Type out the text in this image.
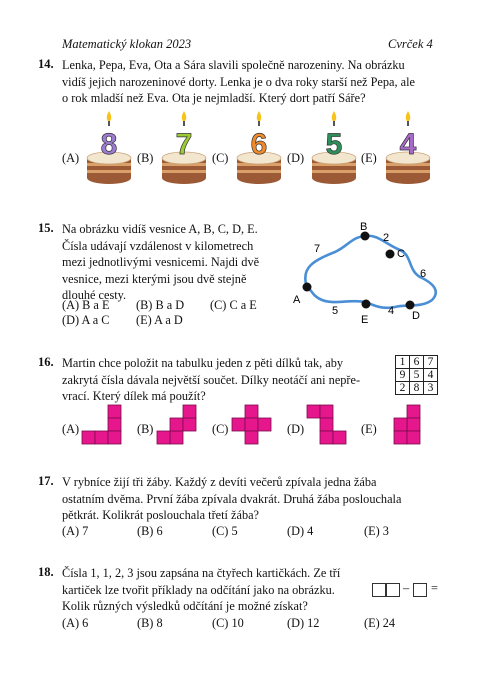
Matematický klokan 2023	Cvrček 4
14. Lenka, Pepa, Eva, Ota a Sára slavili společně narozeniny. Na obrázku
vidíš jejich narozeninové dorty. Lenka je o dva roky starší než Pepa, ale
o rok mladší než Eva. Ota je nejmladší. Který dort patří Sáře?
(A) 8 (B) 7 (C) 6 (D) 5 (E) 4
15. Na obrázku vidíš vesnice A, B, C, D, E.
Čísla udávají vzdálenost v kilometrech
mezi jednotlivými vesnicemi. Najdi dvě
vesnice, mezi kterými jsou dvě stejně
dlouhé cesty.
(A) B a E (B) B a D (C) C a E
(D) A a C (E) A a D
B
C
A
E	D
7
2
6
5	4
16. Martin chce položit na tabulku jeden z pěti dílků tak, aby
zakrytá čísla dávala největší součet. Dílky neotáčí ani nepře-
vrací. Který dílek má použít?
1	6	7
9	5	4
2	8	3
(A)	(B)	(C)	(D)	(E)
17. V rybníce žijí tři žáby. Každý z devíti večerů zpívala jedna žába
ostatním dvěma. První žába zpívala dvakrát. Druhá žába poslouchala
pětkrát. Kolikrát poslouchala třetí žába?
(A) 7	(B) 6	(C) 5	(D) 4	(E) 3
18. Čísla 1, 1, 2, 3 jsou zapsána na čtyřech kartičkách. Ze tří
kartiček lze tvořit příklady na odčítání jako na obrázku.
Kolik různých výsledků odčítání je možné získat?
– =
(A) 6	(B) 8	(C) 10	(D) 12	(E) 24
